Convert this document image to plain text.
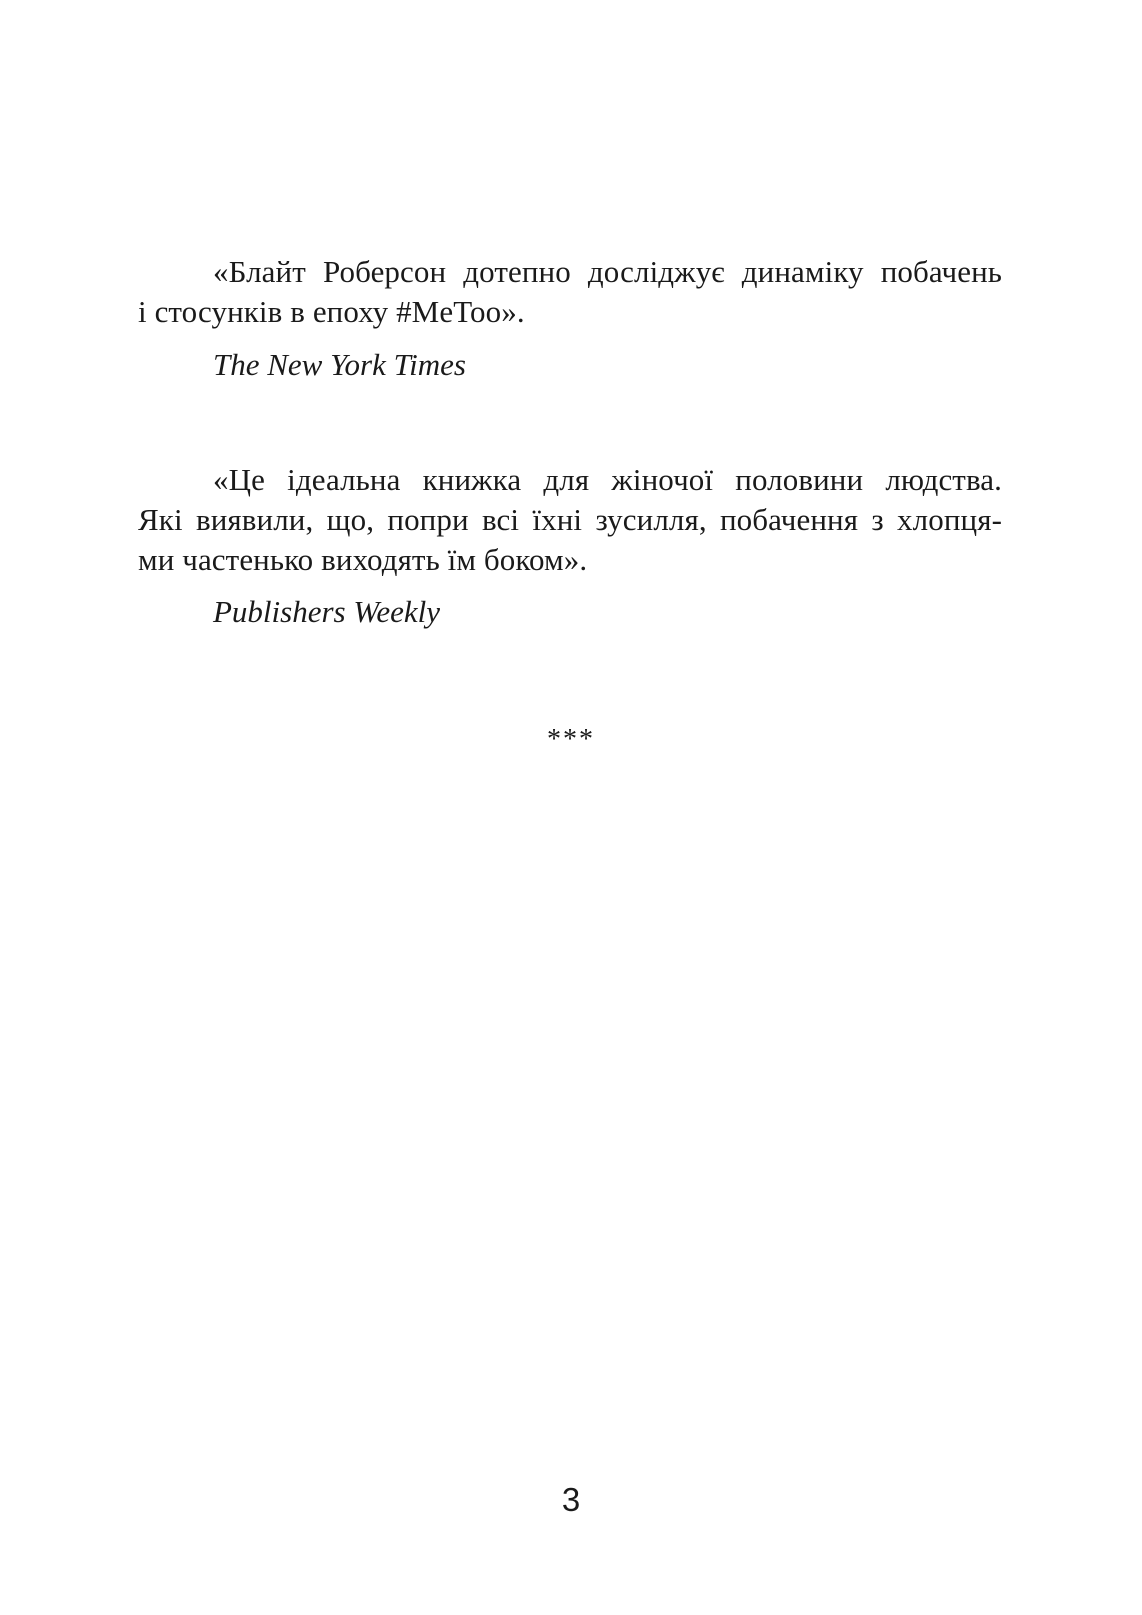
«Блайт Роберсон дотепно досліджує динаміку побачень
і стосунків в епоху #MeToo».

The New York Times

«Це ідеальна книжка для жіночої половини людства.
Які виявили, що, попри всі їхні зусилля, побачення з хлопця-
ми частенько виходять їм боком».

Publishers Weekly

***
3
